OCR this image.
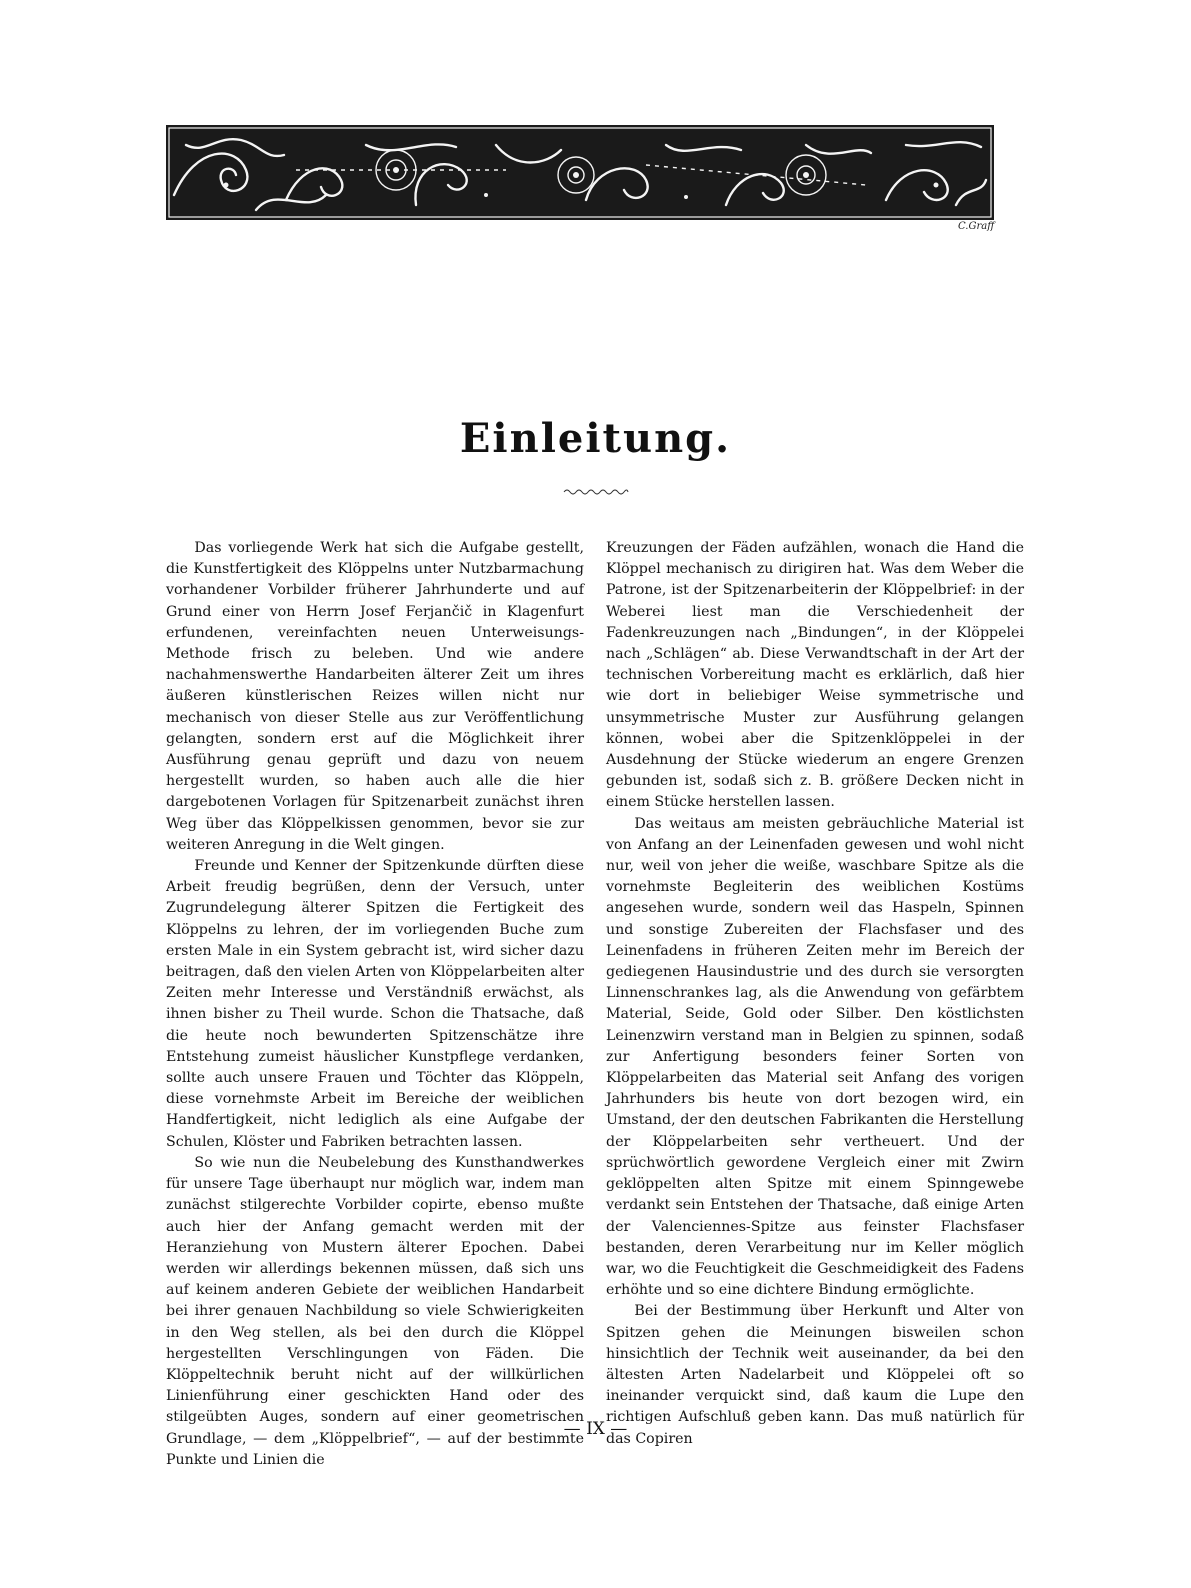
C.Graff
Einleitung.

Das vorliegende Werk hat sich die Aufgabe gestellt, die Kunstfertigkeit des Klöppelns unter Nutzbarmachung vorhandener Vorbilder früherer Jahrhunderte und auf Grund einer von Herrn Josef Ferjančič in Klagenfurt erfundenen, vereinfachten neuen Unterweisungs-Methode frisch zu beleben. Und wie andere nachahmenswerthe Handarbeiten älterer Zeit um ihres äußeren künstlerischen Reizes willen nicht nur mechanisch von dieser Stelle aus zur Veröffentlichung gelangten, sondern erst auf die Möglichkeit ihrer Ausführung genau geprüft und dazu von neuem hergestellt wurden, so haben auch alle die hier dargebotenen Vorlagen für Spitzenarbeit zunächst ihren Weg über das Klöppelkissen genommen, bevor sie zur weiteren Anregung in die Welt gingen.

Freunde und Kenner der Spitzenkunde dürften diese Arbeit freudig begrüßen, denn der Versuch, unter Zugrundelegung älterer Spitzen die Fertigkeit des Klöppelns zu lehren, der im vorliegenden Buche zum ersten Male in ein System gebracht ist, wird sicher dazu beitragen, daß den vielen Arten von Klöppelarbeiten alter Zeiten mehr Interesse und Verständniß erwächst, als ihnen bisher zu Theil wurde. Schon die Thatsache, daß die heute noch bewunderten Spitzenschätze ihre Entstehung zumeist häuslicher Kunstpflege verdanken, sollte auch unsere Frauen und Töchter das Klöppeln, diese vornehmste Arbeit im Bereiche der weiblichen Handfertigkeit, nicht lediglich als eine Aufgabe der Schulen, Klöster und Fabriken betrachten lassen.

So wie nun die Neubelebung des Kunsthandwerkes für unsere Tage überhaupt nur möglich war, indem man zunächst stilgerechte Vorbilder copirte, ebenso mußte auch hier der Anfang gemacht werden mit der Heranziehung von Mustern älterer Epochen. Dabei werden wir allerdings bekennen müssen, daß sich uns auf keinem anderen Gebiete der weiblichen Handarbeit bei ihrer genauen Nachbildung so viele Schwierigkeiten in den Weg stellen, als bei den durch die Klöppel hergestellten Verschlingungen von Fäden. Die Klöppeltechnik beruht nicht auf der willkürlichen Linienführung einer geschickten Hand oder des stilgeübten Auges, sondern auf einer geometrischen Grundlage, — dem „Klöppelbrief“, — auf der bestimmte Punkte und Linien die

Kreuzungen der Fäden aufzählen, wonach die Hand die Klöppel mechanisch zu dirigiren hat. Was dem Weber die Patrone, ist der Spitzenarbeiterin der Klöppelbrief: in der Weberei liest man die Verschiedenheit der Fadenkreuzungen nach „Bindungen“, in der Klöppelei nach „Schlägen“ ab. Diese Verwandtschaft in der Art der technischen Vorbereitung macht es erklärlich, daß hier wie dort in beliebiger Weise symmetrische und unsymmetrische Muster zur Ausführung gelangen können, wobei aber die Spitzenklöppelei in der Ausdehnung der Stücke wiederum an engere Grenzen gebunden ist, sodaß sich z. B. größere Decken nicht in einem Stücke herstellen lassen.

Das weitaus am meisten gebräuchliche Material ist von Anfang an der Leinenfaden gewesen und wohl nicht nur, weil von jeher die weiße, waschbare Spitze als die vornehmste Begleiterin des weiblichen Kostüms angesehen wurde, sondern weil das Haspeln, Spinnen und sonstige Zubereiten der Flachsfaser und des Leinenfadens in früheren Zeiten mehr im Bereich der gediegenen Hausindustrie und des durch sie versorgten Linnenschrankes lag, als die Anwendung von gefärbtem Material, Seide, Gold oder Silber. Den köstlichsten Leinenzwirn verstand man in Belgien zu spinnen, sodaß zur Anfertigung besonders feiner Sorten von Klöppelarbeiten das Material seit Anfang des vorigen Jahrhunders bis heute von dort bezogen wird, ein Umstand, der den deutschen Fabrikanten die Herstellung der Klöppelarbeiten sehr vertheuert. Und der sprüchwörtlich gewordene Vergleich einer mit Zwirn geklöppelten alten Spitze mit einem Spinngewebe verdankt sein Entstehen der Thatsache, daß einige Arten der Valenciennes-Spitze aus feinster Flachsfaser bestanden, deren Verarbeitung nur im Keller möglich war, wo die Feuchtigkeit die Geschmeidigkeit des Fadens erhöhte und so eine dichtere Bindung ermöglichte.

Bei der Bestimmung über Herkunft und Alter von Spitzen gehen die Meinungen bisweilen schon hinsichtlich der Technik weit auseinander, da bei den ältesten Arten Nadelarbeit und Klöppelei oft so ineinander verquickt sind, daß kaum die Lupe den richtigen Aufschluß geben kann. Das muß natürlich für das Copiren

— IX —
